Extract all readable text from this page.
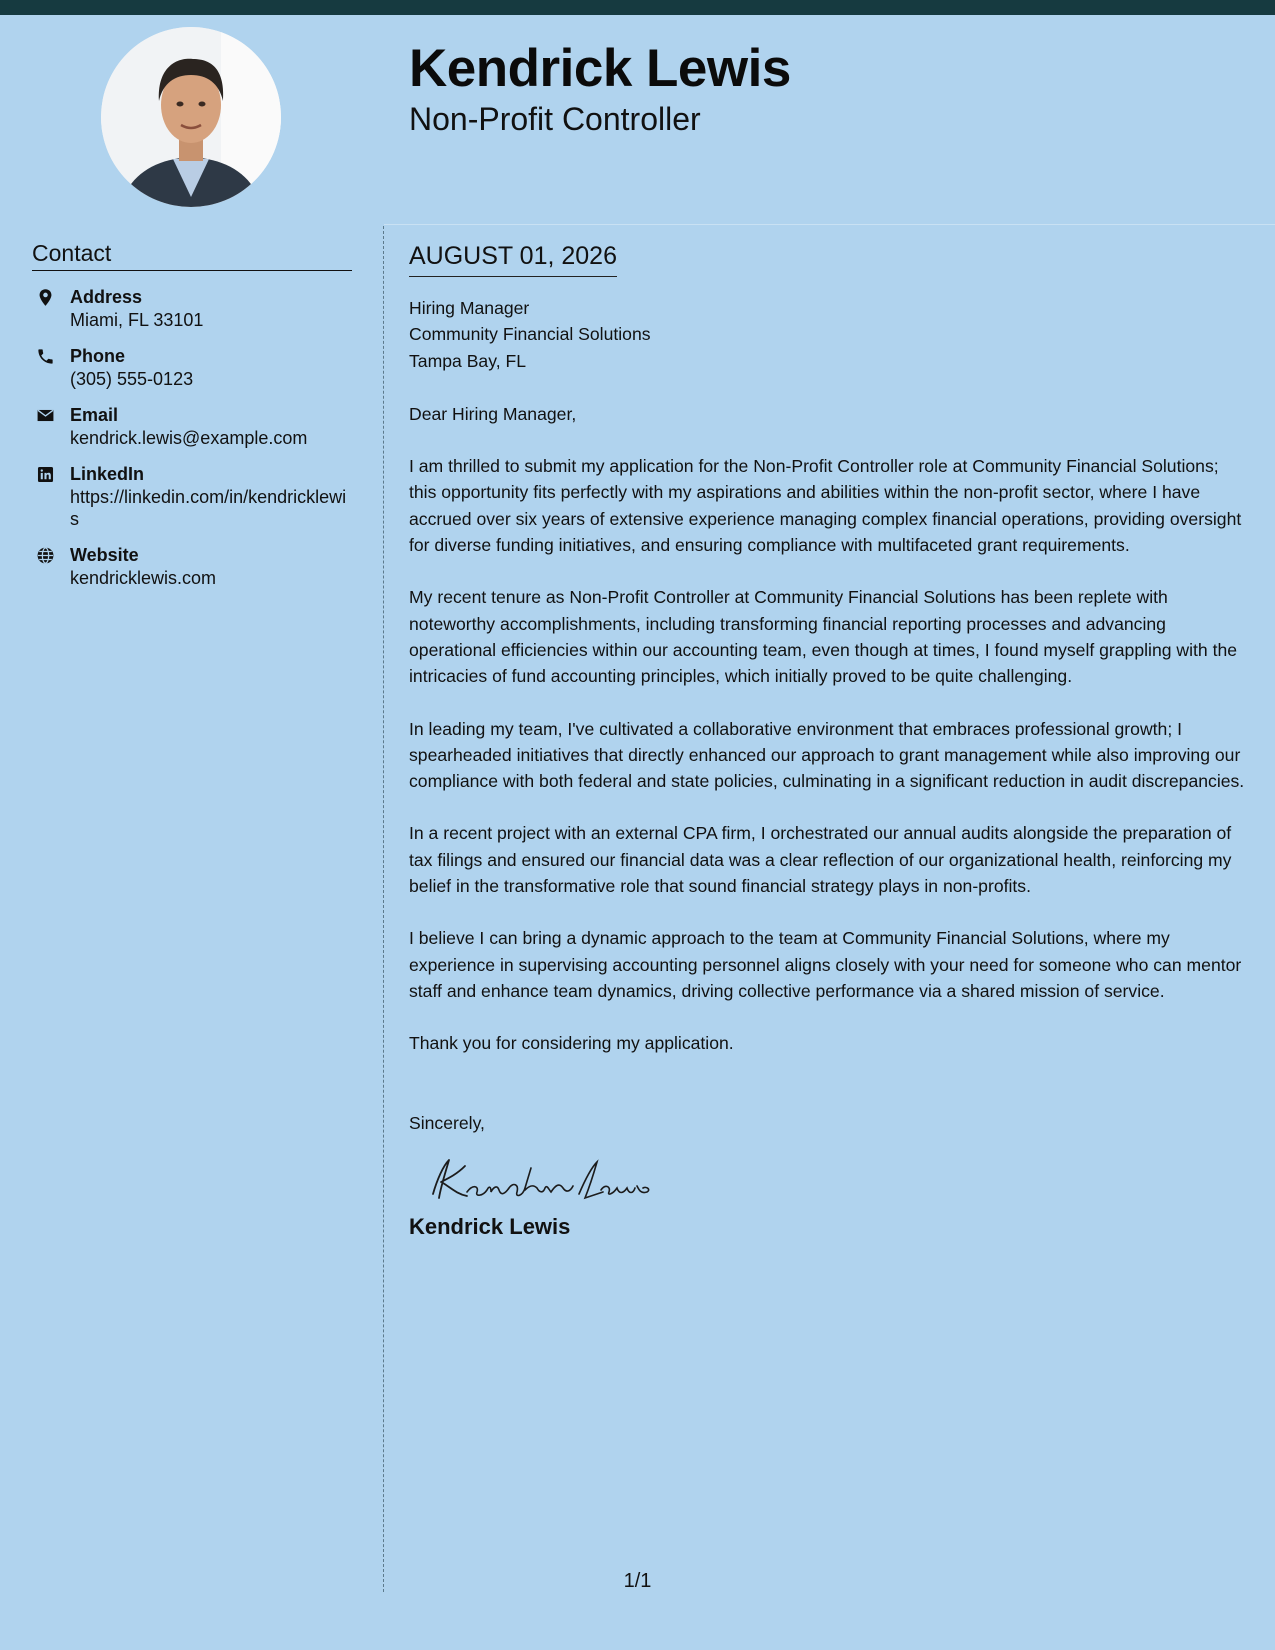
Kendrick Lewis
Non-Profit Controller
Contact
Address
Miami, FL 33101
Phone
(305) 555-0123
Email
kendrick.lewis@example.com
LinkedIn
https://linkedin.com/in/kendricklewis
Website
kendricklewis.com
AUGUST 01, 2026
Hiring Manager
Community Financial Solutions
Tampa Bay, FL
Dear Hiring Manager,
I am thrilled to submit my application for the Non-Profit Controller role at Community Financial Solutions; this opportunity fits perfectly with my aspirations and abilities within the non-profit sector, where I have accrued over six years of extensive experience managing complex financial operations, providing oversight for diverse funding initiatives, and ensuring compliance with multifaceted grant requirements.
My recent tenure as Non-Profit Controller at Community Financial Solutions has been replete with noteworthy accomplishments, including transforming financial reporting processes and advancing operational efficiencies within our accounting team, even though at times, I found myself grappling with the intricacies of fund accounting principles, which initially proved to be quite challenging.
In leading my team, I've cultivated a collaborative environment that embraces professional growth; I spearheaded initiatives that directly enhanced our approach to grant management while also improving our compliance with both federal and state policies, culminating in a significant reduction in audit discrepancies.
In a recent project with an external CPA firm, I orchestrated our annual audits alongside the preparation of tax filings and ensured our financial data was a clear reflection of our organizational health, reinforcing my belief in the transformative role that sound financial strategy plays in non-profits.
I believe I can bring a dynamic approach to the team at Community Financial Solutions, where my experience in supervising accounting personnel aligns closely with your need for someone who can mentor staff and enhance team dynamics, driving collective performance via a shared mission of service.
Thank you for considering my application.
Sincerely,
Kendrick Lewis
1/1
